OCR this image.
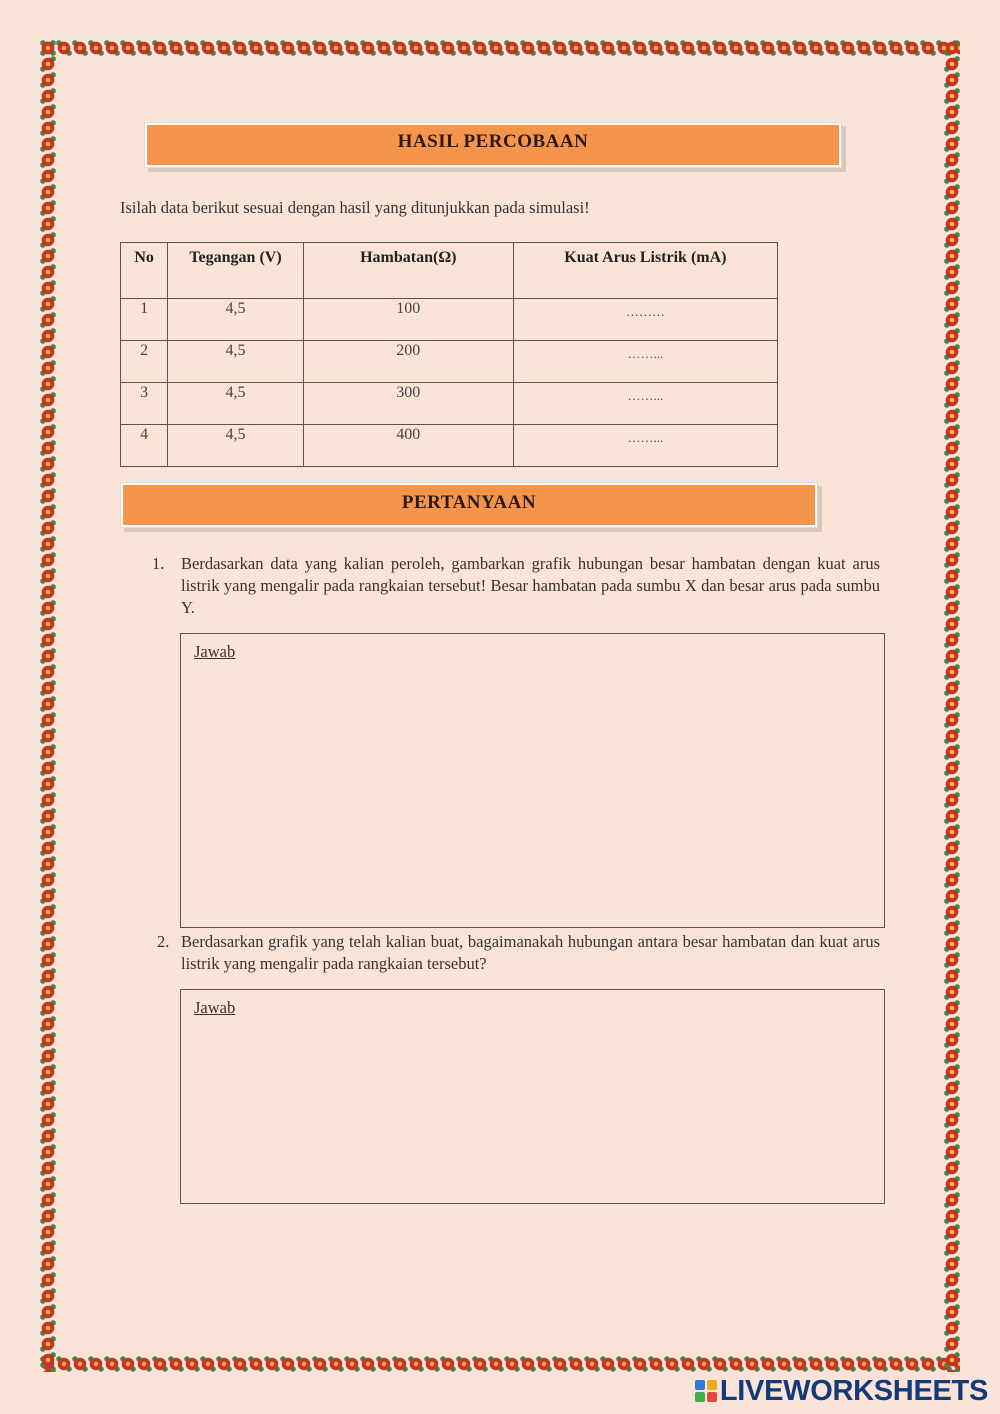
HASIL PERCOBAAN
Isilah data berikut sesuai dengan hasil yang ditunjukkan pada simulasi!
No	Tegangan (V)	Hambatan(Ω)	Kuat Arus Listrik (mA)
1	4,5	100	………
2	4,5	200	……...
3	4,5	300	……...
4	4,5	400	……...
PERTANYAAN
1. Berdasarkan data yang kalian peroleh, gambarkan grafik hubungan besar hambatan dengan kuat arus listrik yang mengalir pada rangkaian tersebut! Besar hambatan pada sumbu X dan besar arus pada sumbu Y.
Jawab
2. Berdasarkan grafik yang telah kalian buat, bagaimanakah hubungan antara besar hambatan dan kuat arus listrik yang mengalir pada rangkaian tersebut?
Jawab
LIVEWORKSHEETS
